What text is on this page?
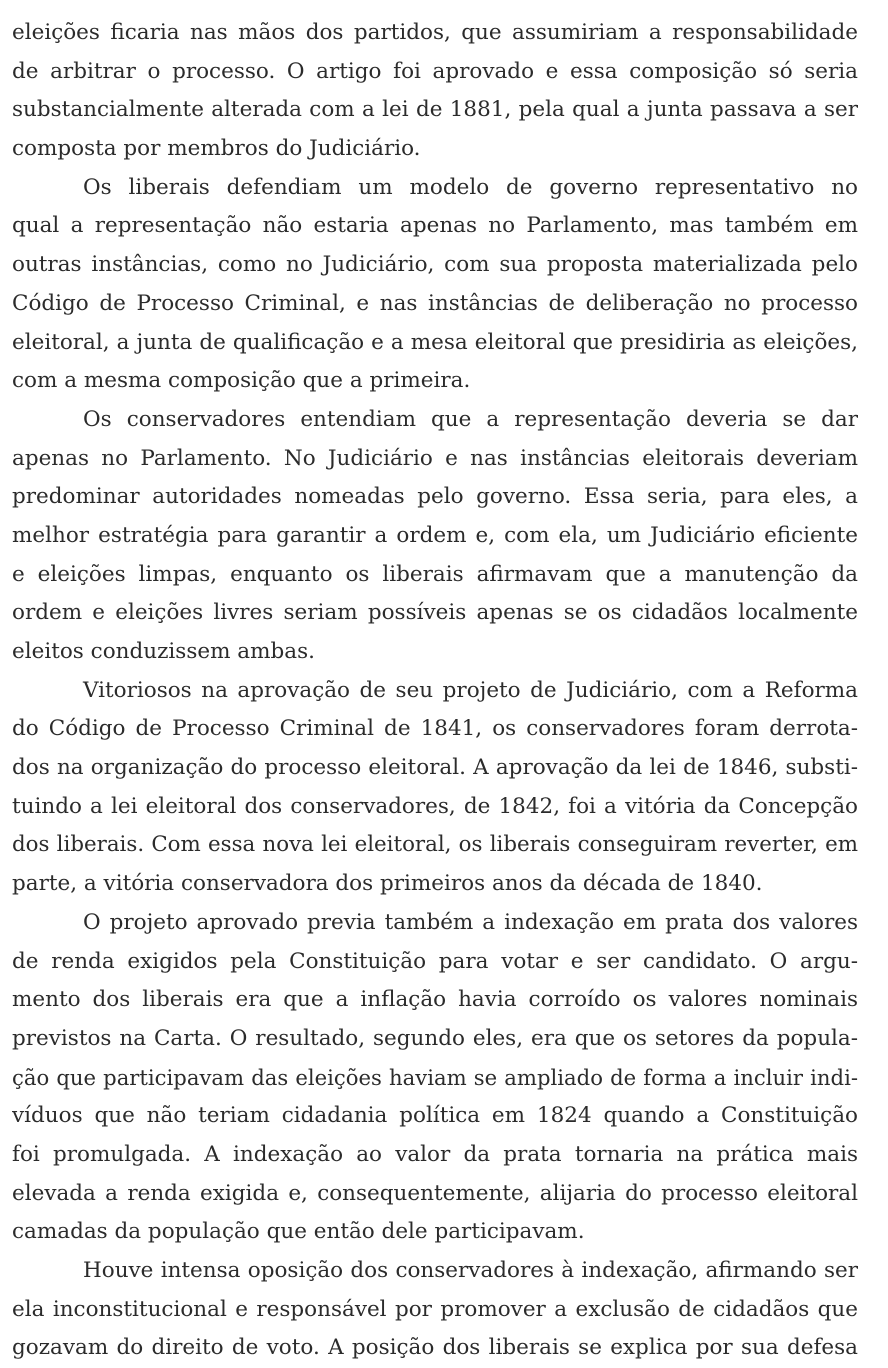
eleições ficaria nas mãos dos partidos, que assumiriam a responsabilidade
de arbitrar o processo. O artigo foi aprovado e essa composição só seria
substancialmente alterada com a lei de 1881, pela qual a junta passava a ser
composta por membros do Judiciário.
Os liberais defendiam um modelo de governo representativo no
qual a representação não estaria apenas no Parlamento, mas também em
outras instâncias, como no Judiciário, com sua proposta materializada pelo
Código de Processo Criminal, e nas instâncias de deliberação no processo
eleitoral, a junta de qualificação e a mesa eleitoral que presidiria as eleições,
com a mesma composição que a primeira.
Os conservadores entendiam que a representação deveria se dar
apenas no Parlamento. No Judiciário e nas instâncias eleitorais deveriam
predominar autoridades nomeadas pelo governo. Essa seria, para eles, a
melhor estratégia para garantir a ordem e, com ela, um Judiciário eficiente
e eleições limpas, enquanto os liberais afirmavam que a manutenção da
ordem e eleições livres seriam possíveis apenas se os cidadãos localmente
eleitos conduzissem ambas.
Vitoriosos na aprovação de seu projeto de Judiciário, com a Reforma
do Código de Processo Criminal de 1841, os conservadores foram derrota-
dos na organização do processo eleitoral. A aprovação da lei de 1846, substi-
tuindo a lei eleitoral dos conservadores, de 1842, foi a vitória da Concepção
dos liberais. Com essa nova lei eleitoral, os liberais conseguiram reverter, em
parte, a vitória conservadora dos primeiros anos da década de 1840.
O projeto aprovado previa também a indexação em prata dos valores
de renda exigidos pela Constituição para votar e ser candidato. O argu-
mento dos liberais era que a inflação havia corroído os valores nominais
previstos na Carta. O resultado, segundo eles, era que os setores da popula-
ção que participavam das eleições haviam se ampliado de forma a incluir indi-
víduos que não teriam cidadania política em 1824 quando a Constituição
foi promulgada. A indexação ao valor da prata tornaria na prática mais
elevada a renda exigida e, consequentemente, alijaria do processo eleitoral
camadas da população que então dele participavam.
Houve intensa oposição dos conservadores à indexação, afirmando ser
ela inconstitucional e responsável por promover a exclusão de cidadãos que
gozavam do direito de voto. A posição dos liberais se explica por sua defesa
